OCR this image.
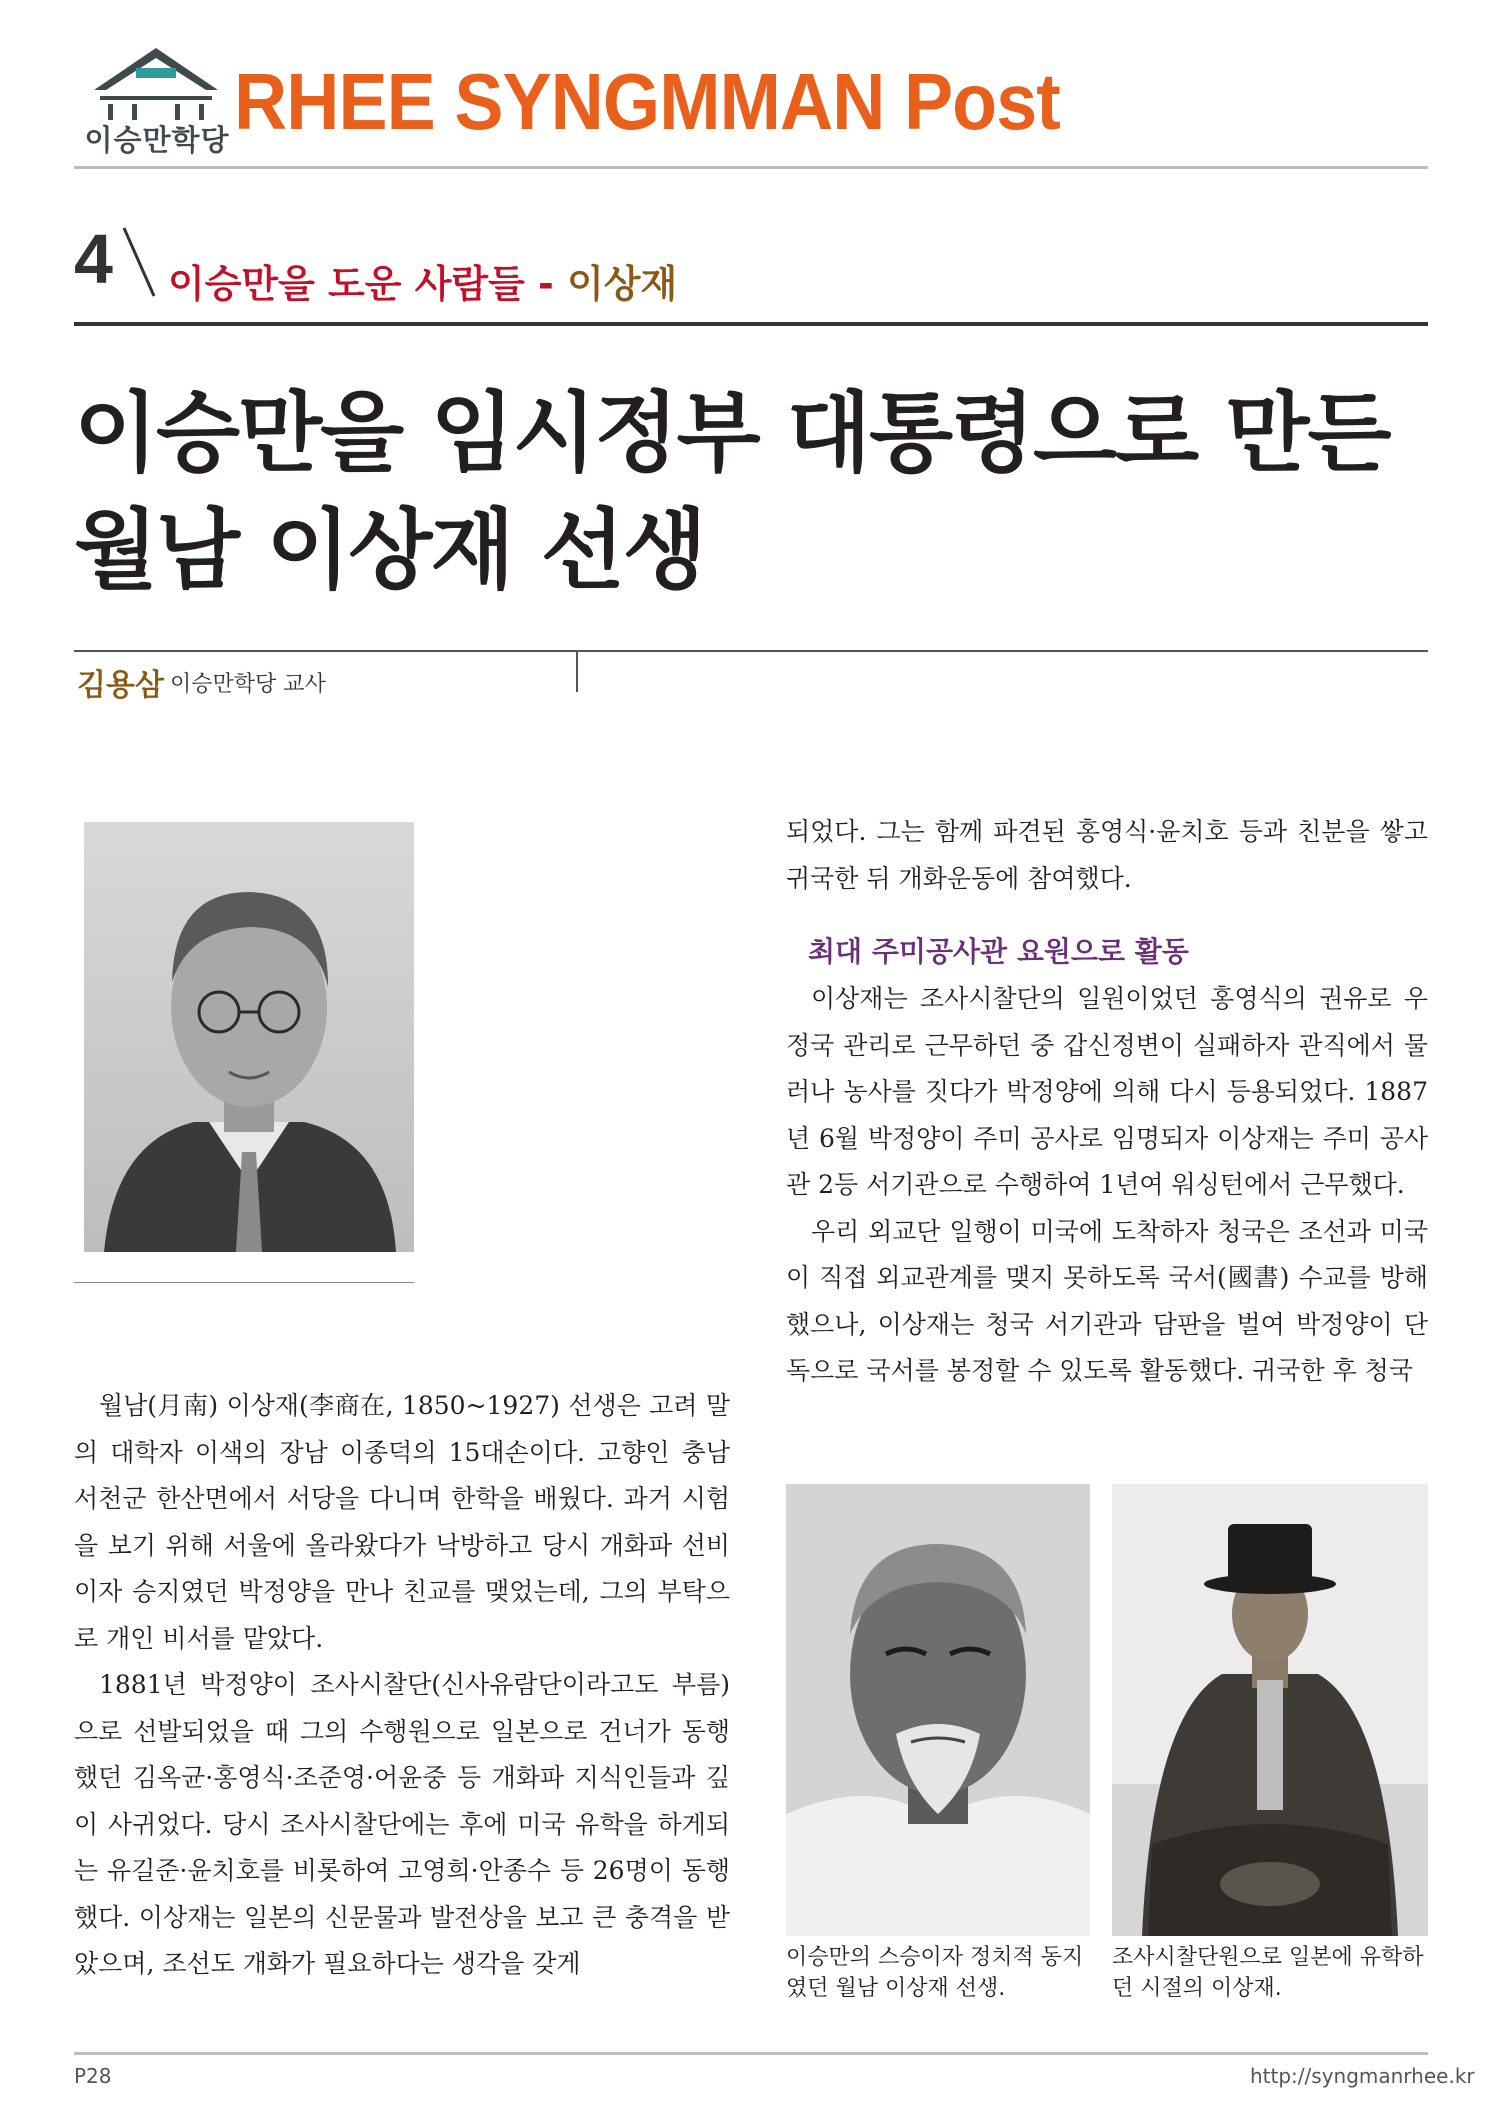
이승만학당 RHEE SYNGMMAN Post
4 이승만을 도운 사람들 - 이상재
이승만을 임시정부 대통령으로 만든
월남 이상재 선생
김용삼 이승만학당 교사

월남(月南) 이상재(李商在, 1850~1927) 선생은 고려 말의 대학자 이색의 장남 이종덕의 15대손이다. 고향인 충남 서천군 한산면에서 서당을 다니며 한학을 배웠다. 과거 시험을 보기 위해 서울에 올라왔다가 낙방하고 당시 개화파 선비이자 승지였던 박정양을 만나 친교를 맺었는데, 그의 부탁으로 개인 비서를 맡았다.

1881년 박정양이 조사시찰단(신사유람단이라고도 부름)으로 선발되었을 때 그의 수행원으로 일본으로 건너가 동행했던 김옥균·홍영식·조준영·어윤중 등 개화파 지식인들과 깊이 사귀었다. 당시 조사시찰단에는 후에 미국 유학을 하게되는 유길준·윤치호를 비롯하여 고영희·안종수 등 26명이 동행했다. 이상재는 일본의 신문물과 발전상을 보고 큰 충격을 받았으며, 조선도 개화가 필요하다는 생각을 갖게

되었다. 그는 함께 파견된 홍영식·윤치호 등과 친분을 쌓고 귀국한 뒤 개화운동에 참여했다.

최대 주미공사관 요원으로 활동

이상재는 조사시찰단의 일원이었던 홍영식의 권유로 우정국 관리로 근무하던 중 갑신정변이 실패하자 관직에서 물러나 농사를 짓다가 박정양에 의해 다시 등용되었다. 1887년 6월 박정양이 주미 공사로 임명되자 이상재는 주미 공사관 2등 서기관으로 수행하여 1년여 워싱턴에서 근무했다.

우리 외교단 일행이 미국에 도착하자 청국은 조선과 미국이 직접 외교관계를 맺지 못하도록 국서(國書) 수교를 방해했으나, 이상재는 청국 서기관과 담판을 벌여 박정양이 단독으로 국서를 봉정할 수 있도록 활동했다. 귀국한 후 청국

이승만의 스승이자 정치적 동지였던 월남 이상재 선생.
조사시찰단원으로 일본에 유학하던 시절의 이상재.
P28	http://syngmanrhee.kr
